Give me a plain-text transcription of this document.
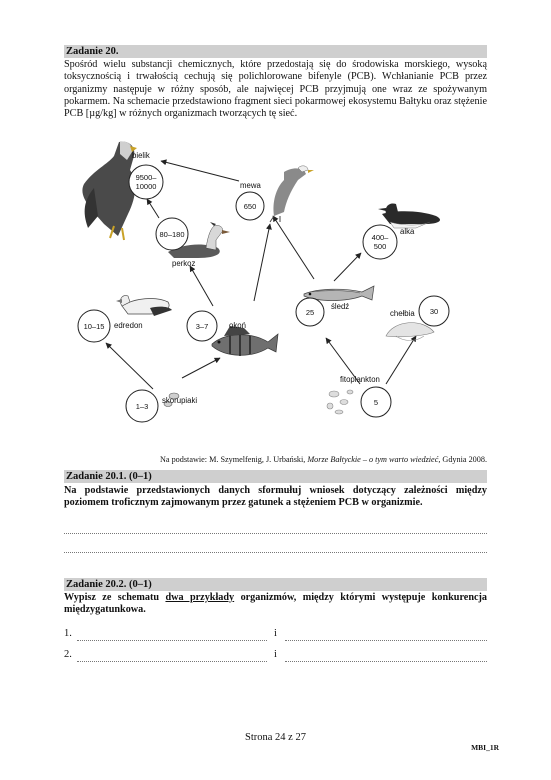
Zadanie 20.

Spośród wielu substancji chemicznych, które przedostają się do środowiska morskiego, wysoką toksycznością i trwałością cechują się polichlorowane bifenyle (PCB). Wchłanianie PCB przez organizmy następuje w różny sposób, ale najwięcej PCB przyjmują one wraz ze spożywanym pokarmem. Na schemacie przedstawiono fragment sieci pokarmowej ekosystemu Bałtyku oraz stężenie PCB [µg/kg] w różnych organizmach tworzących tę sieć.

9500–
10000
650
80–180	400–
500
10–15	3–7
25	30
1–3	5
bielik
mewa
perkoz
alka
edredon	okoń
śledź
chełbia
skorupiaki
fitoplankton
Na podstawie: M. Szymelfenig, J. Urbański, Morze Bałtyckie – o tym warto wiedzieć, Gdynia 2008.
Zadanie 20.1. (0–1)

Na podstawie przedstawionych danych sformułuj wniosek dotyczący zależności między poziomem troficznym zajmowanym przez gatunek a stężeniem PCB w organizmie.

Zadanie 20.2. (0–1)

Wypisz ze schematu dwa przykłady organizmów, między którymi występuje konkurencja międzygatunkowa.

1.	i
2.	i
Strona 24 z 27
MBI_1R
